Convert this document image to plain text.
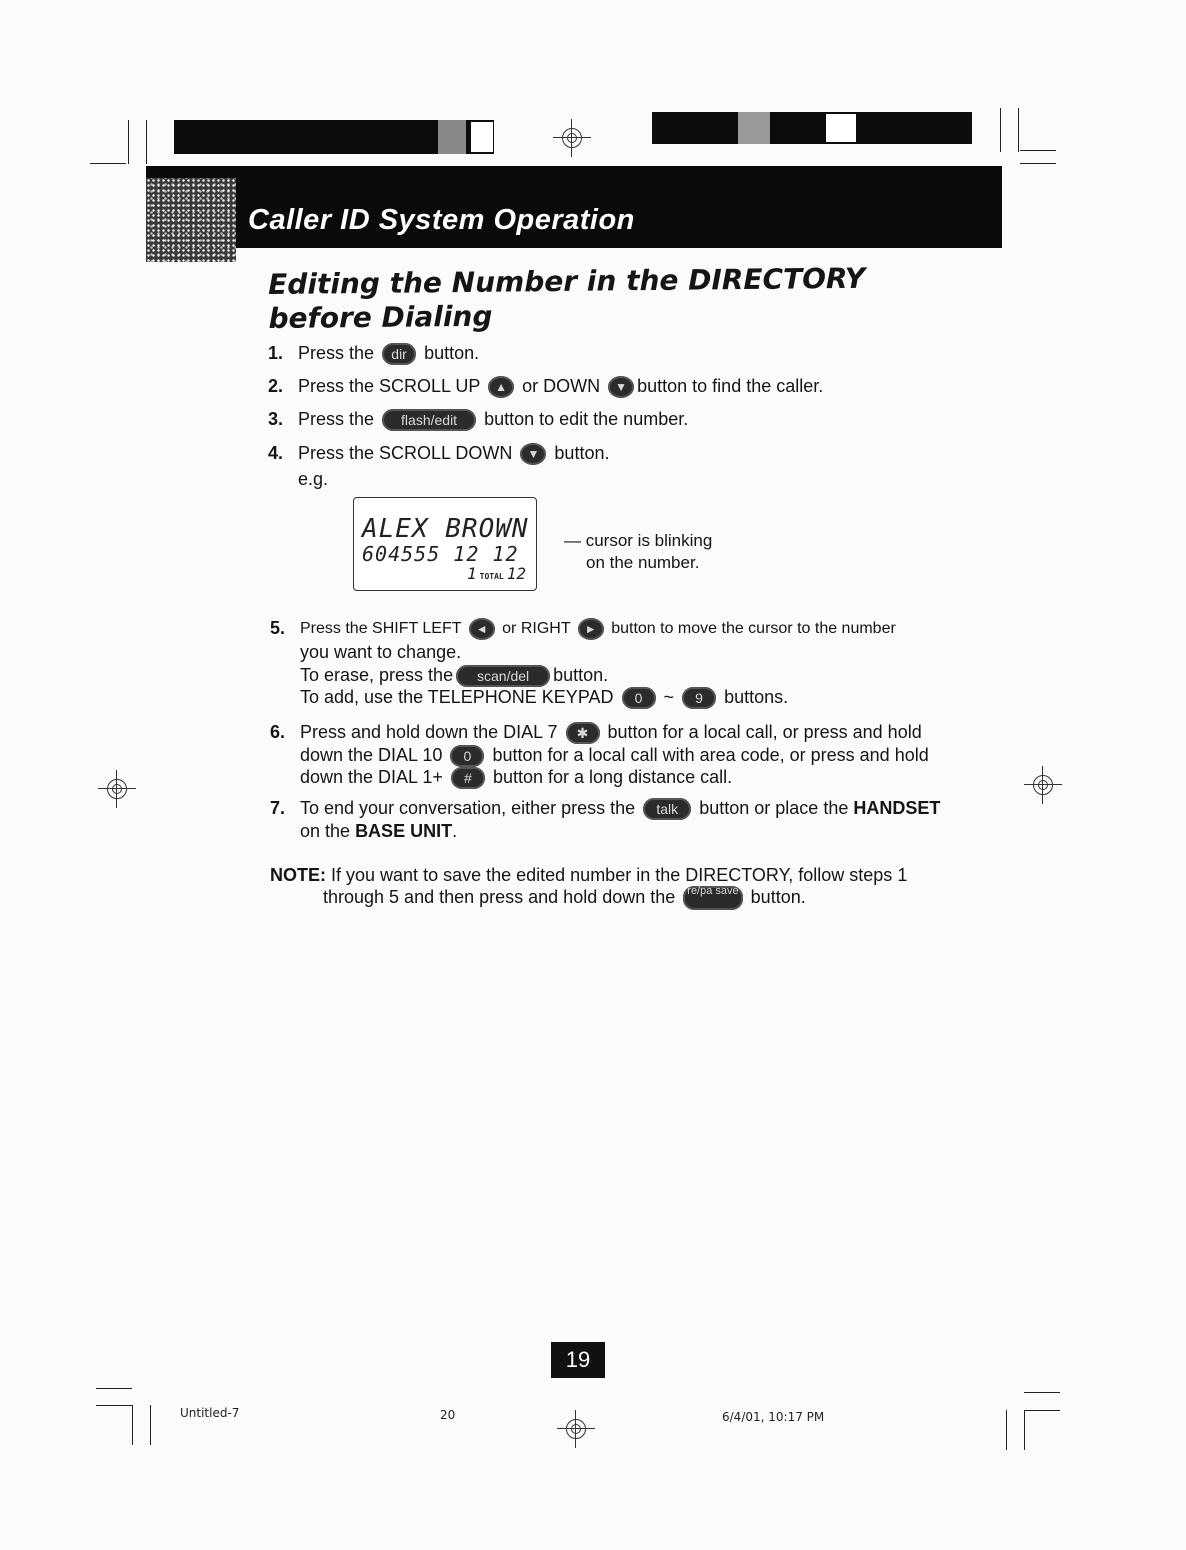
Caller ID System Operation
Editing the Number in the DIRECTORY before Dialing
1. Press the dir button.
2. Press the SCROLL UP ▲ or DOWN ▼ button to find the caller.
3. Press the flash/edit button to edit the number.
4. Press the SCROLL DOWN ▼ button.
e.g.
ALEX BROWN
604555 12 12
1 TOTAL 12
— cursor is blinking
on the number.
5. Press the SHIFT LEFT ◄ or RIGHT ► button to move the cursor to the number
you want to change.
To erase, press the scan/del button.
To add, use the TELEPHONE KEYPAD 0 ~ 9 buttons.
6. Press and hold down the DIAL 7 ✱ button for a local call, or press and hold
down the DIAL 10 0 button for a local call with area code, or press and hold
down the DIAL 1+ # button for a long distance call.
7. To end your conversation, either press the talk button or place the HANDSET
on the BASE UNIT.
NOTE: If you want to save the edited number in the DIRECTORY, follow steps 1
through 5 and then press and hold down the re/pa save button.
19
Untitled-7	20	6/4/01, 10:17 PM
